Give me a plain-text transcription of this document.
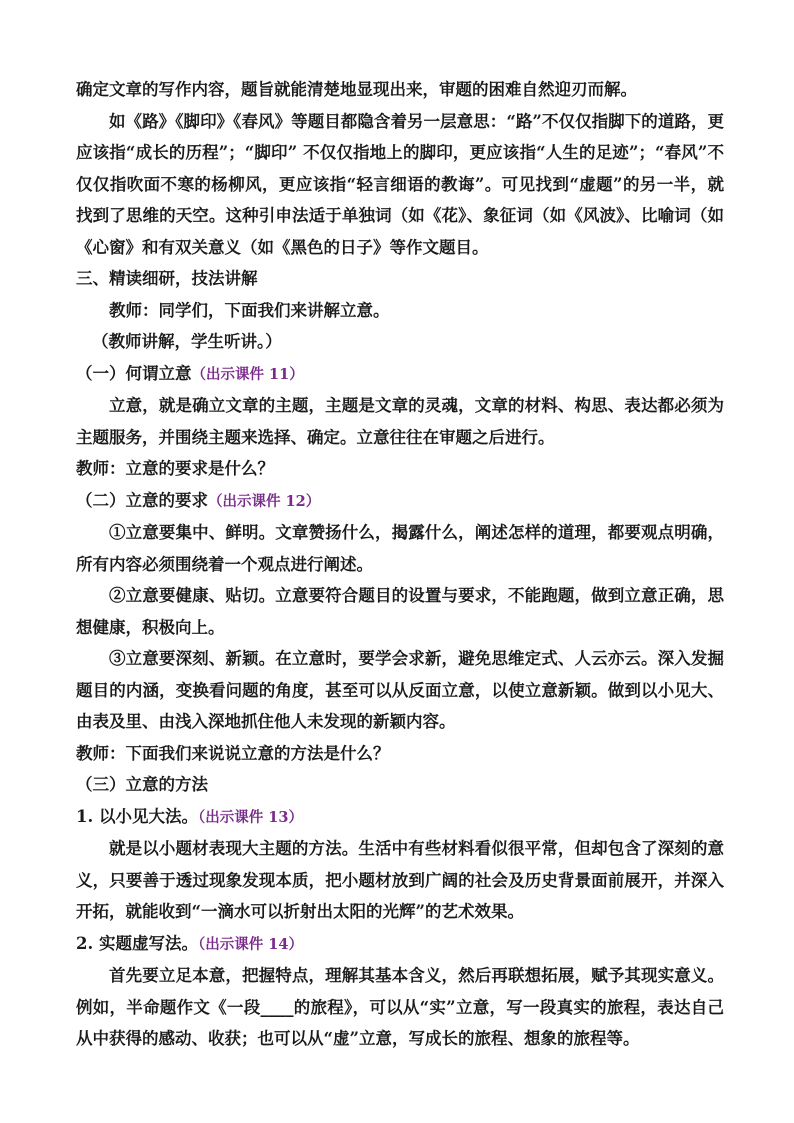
确定文章的写作内容，题旨就能清楚地显现出来，审题的困难自然迎刃而解。

如《路》《脚印》《春风》等题目都隐含着另一层意思：“路”不仅仅指脚下的道路，更应该指“成长的历程”；“脚印” 不仅仅指地上的脚印，更应该指“人生的足迹”；“春风”不仅仅指吹面不寒的杨柳风，更应该指“轻言细语的教诲”。可见找到“虚题”的另一半，就找到了思维的天空。这种引申法适于单独词（如《花》、象征词（如《风波》、比喻词（如《心窗》和有双关意义（如《黑色的日子》等作文题目。

三、精读细研，技法讲解

教师：同学们，下面我们来讲解立意。

（教师讲解，学生听讲。）

（一）何谓立意（出示课件 11）

立意，就是确立文章的主题，主题是文章的灵魂，文章的材料、构思、表达都必须为主题服务，并围绕主题来选择、确定。立意往往在审题之后进行。

教师：立意的要求是什么？

（二）立意的要求（出示课件 12）

①立意要集中、鲜明。文章赞扬什么，揭露什么，阐述怎样的道理，都要观点明确，所有内容必须围绕着一个观点进行阐述。

②立意要健康、贴切。立意要符合题目的设置与要求，不能跑题，做到立意正确，思想健康，积极向上。

③立意要深刻、新颖。在立意时，要学会求新，避免思维定式、人云亦云。深入发掘题目的内涵，变换看问题的角度，甚至可以从反面立意，以使立意新颖。做到以小见大、由表及里、由浅入深地抓住他人未发现的新颖内容。

教师：下面我们来说说立意的方法是什么？

（三）立意的方法

1. 以小见大法。（出示课件 13）

就是以小题材表现大主题的方法。生活中有些材料看似很平常，但却包含了深刻的意义，只要善于透过现象发现本质，把小题材放到广阔的社会及历史背景面前展开，并深入开拓，就能收到“一滴水可以折射出太阳的光辉”的艺术效果。

2. 实题虚写法。（出示课件 14）

首先要立足本意，把握特点，理解其基本含义，然后再联想拓展，赋予其现实意义。例如，半命题作文《一段____的旅程》，可以从“实”立意，写一段真实的旅程，表达自己从中获得的感动、收获；也可以从“虚”立意，写成长的旅程、想象的旅程等。
